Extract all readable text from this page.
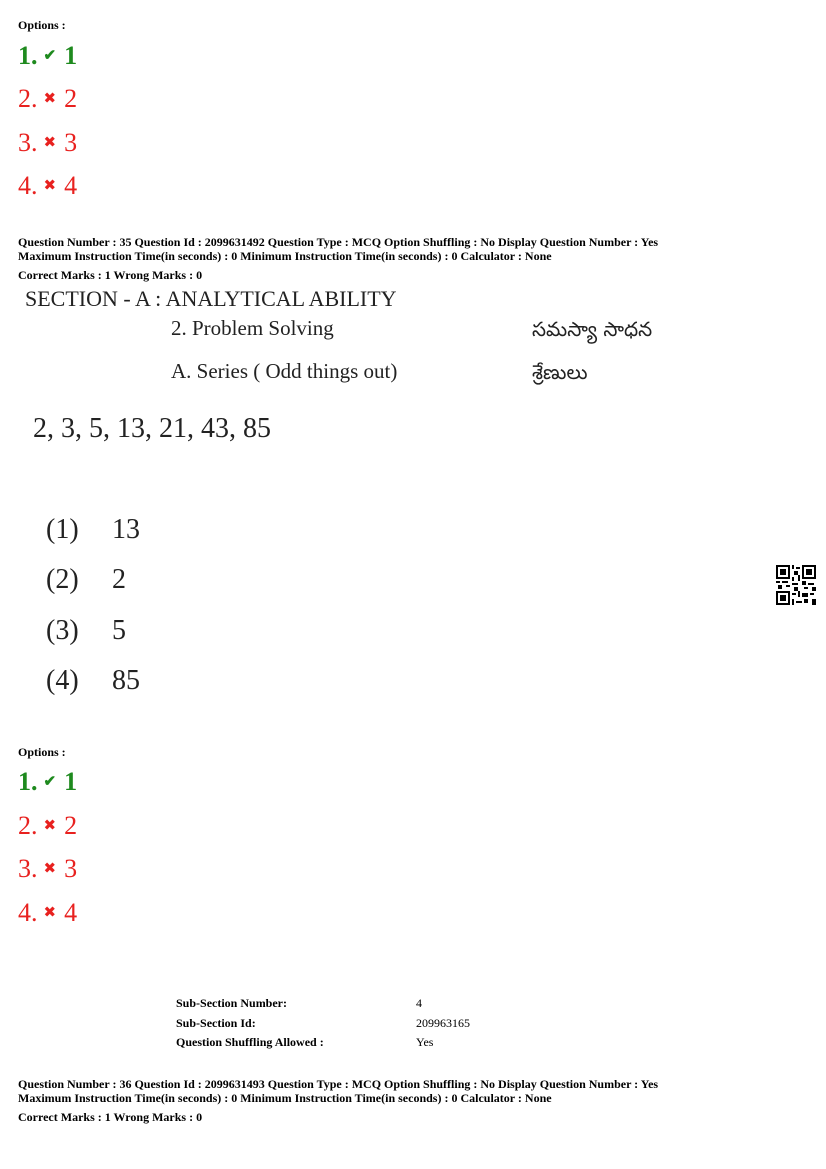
Options :
1. ✔ 1
2. ✖ 2
3. ✖ 3
4. ✖ 4
Question Number : 35 Question Id : 2099631492 Question Type : MCQ Option Shuffling : No Display Question Number : Yes
Maximum Instruction Time(in seconds) : 0 Minimum Instruction Time(in seconds) : 0 Calculator : None
Correct Marks : 1 Wrong Marks : 0
SECTION - A : ANALYTICAL ABILITY
2. Problem Solving	సమస్యా సాధన
A. Series ( Odd things out)	శ్రేణులు
2, 3, 5, 13, 21, 43, 85
(1) 13
(2) 2
(3) 5
(4) 85
Options :
1. ✔ 1
2. ✖ 2
3. ✖ 3
4. ✖ 4
Sub-Section Number:	4
Sub-Section Id:	209963165
Question Shuffling Allowed :	Yes
Question Number : 36 Question Id : 2099631493 Question Type : MCQ Option Shuffling : No Display Question Number : Yes
Maximum Instruction Time(in seconds) : 0 Minimum Instruction Time(in seconds) : 0 Calculator : None
Correct Marks : 1 Wrong Marks : 0
